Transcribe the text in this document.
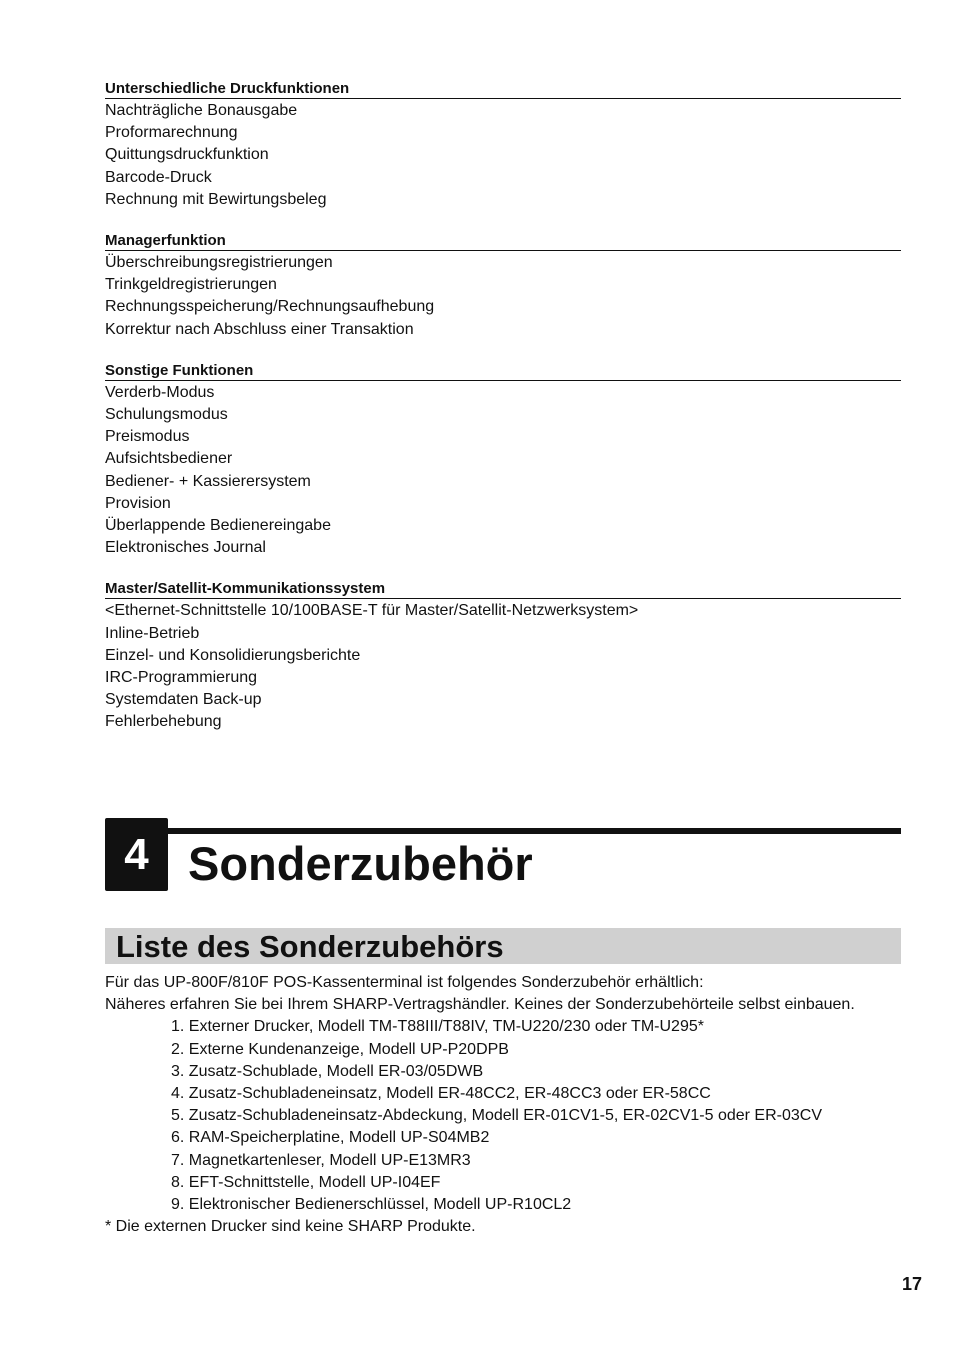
Unterschiedliche Druckfunktionen
Nachträgliche Bonausgabe
Proformarechnung
Quittungsdruckfunktion
Barcode-Druck
Rechnung mit Bewirtungsbeleg
Managerfunktion
Überschreibungsregistrierungen
Trinkgeldregistrierungen
Rechnungsspeicherung/Rechnungsaufhebung
Korrektur nach Abschluss einer Transaktion
Sonstige Funktionen
Verderb-Modus
Schulungsmodus
Preismodus
Aufsichtsbediener
Bediener- + Kassierersystem
Provision
Überlappende Bedienereingabe
Elektronisches Journal
Master/Satellit-Kommunikationssystem
<Ethernet-Schnittstelle 10/100BASE-T für Master/Satellit-Netzwerksystem>
Inline-Betrieb
Einzel- und Konsolidierungsberichte
IRC-Programmierung
Systemdaten Back-up
Fehlerbehebung
4 Sonderzubehör
Liste des Sonderzubehörs

Für das UP-800F/810F POS-Kassenterminal ist folgendes Sonderzubehör erhältlich:

Näheres erfahren Sie bei Ihrem SHARP-Vertragshändler. Keines der Sonderzubehörteile selbst einbauen.

1. Externer Drucker, Modell TM-T88III/T88IV, TM-U220/230 oder TM-U295*
2. Externe Kundenanzeige, Modell UP-P20DPB
3. Zusatz-Schublade, Modell ER-03/05DWB
4. Zusatz-Schubladeneinsatz, Modell ER-48CC2, ER-48CC3 oder ER-58CC
5. Zusatz-Schubladeneinsatz-Abdeckung, Modell ER-01CV1-5, ER-02CV1-5 oder ER-03CV
6. RAM-Speicherplatine, Modell UP-S04MB2
7. Magnetkartenleser, Modell UP-E13MR3
8. EFT-Schnittstelle, Modell UP-I04EF
9. Elektronischer Bedienerschlüssel, Modell UP-R10CL2

* Die externen Drucker sind keine SHARP Produkte.

17
